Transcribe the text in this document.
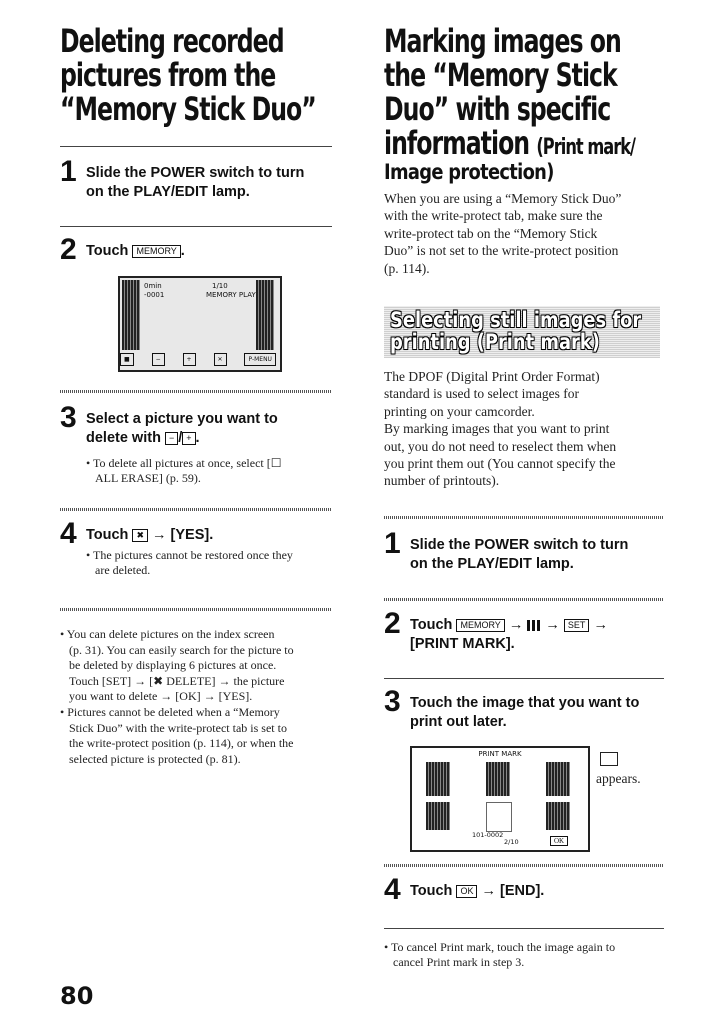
Deleting recorded
pictures from the
“Memory Stick Duo”
1 Slide the POWER switch to turn
on the PLAY/EDIT lamp.
2 Touch MEMORY .
0min
-0001
1/10
MEMORY PLAY
■	−	+	✕	P-MENU
3 Select a picture you want to
delete with − / + .
• To delete all pictures at once, select [☐
ALL ERASE] (p. 59).
4 Touch ✖ → [YES].
• The pictures cannot be restored once they
are deleted.
• You can delete pictures on the index screen
(p. 31). You can easily search for the picture to
be deleted by displaying 6 pictures at once.
Touch [SET] → [✖ DELETE] → the picture
you want to delete → [OK] → [YES].
• Pictures cannot be deleted when a “Memory
Stick Duo” with the write-protect tab is set to
the write-protect position (p. 114), or when the
selected picture is protected (p. 81).
80
Marking images on
the “Memory Stick
Duo” with specific
information (Print mark/
Image protection)
When you are using a “Memory Stick Duo”
with the write-protect tab, make sure the
write-protect tab on the “Memory Stick
Duo” is not set to the write-protect position
(p. 114).
Selecting still images for
printing (Print mark)
The DPOF (Digital Print Order Format)
standard is used to select images for
printing on your camcorder.
By marking images that you want to print
out, you do not need to reselect them when
you print them out (You cannot specify the
number of printouts).
1 Slide the POWER switch to turn
on the PLAY/EDIT lamp.
2 Touch MEMORY → → SET →
[PRINT MARK].
3 Touch the image that you want to
print out later.
PRINT MARK
101-0002
2/10	OK
appears.
4 Touch OK → [END].
• To cancel Print mark, touch the image again to
cancel Print mark in step 3.
